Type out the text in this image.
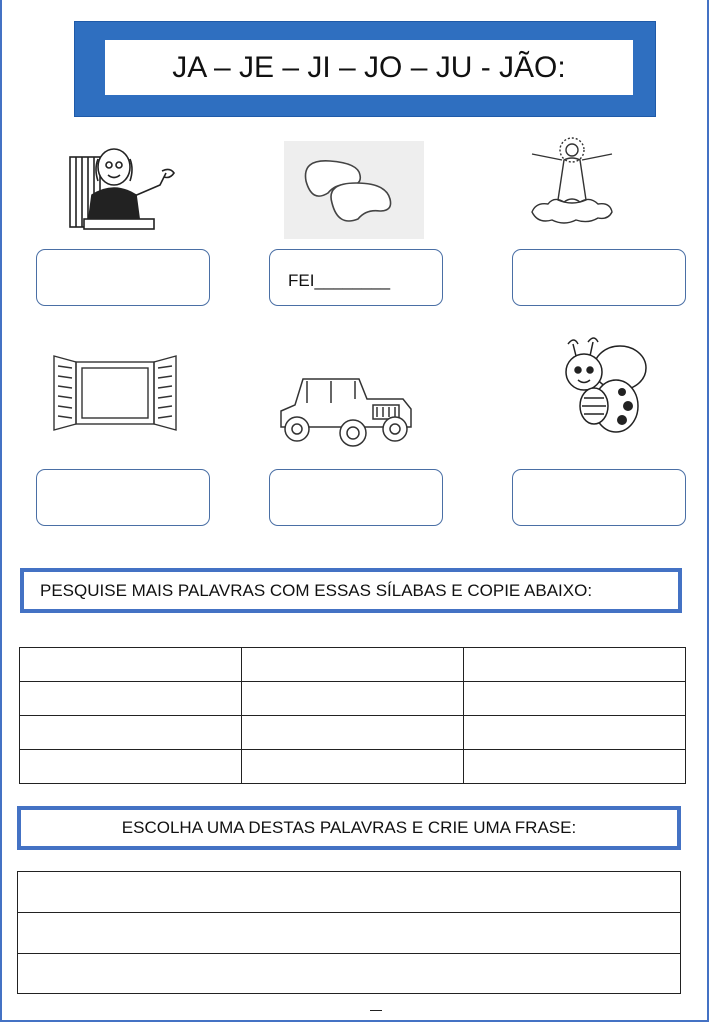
JA – JE – JI – JO – JU - JÃO:
FEI________
PESQUISE MAIS PALAVRAS COM ESSAS SÍLABAS E COPIE ABAIXO:

ESCOLHA UMA DESTAS PALAVRAS E CRIE UMA FRASE:
